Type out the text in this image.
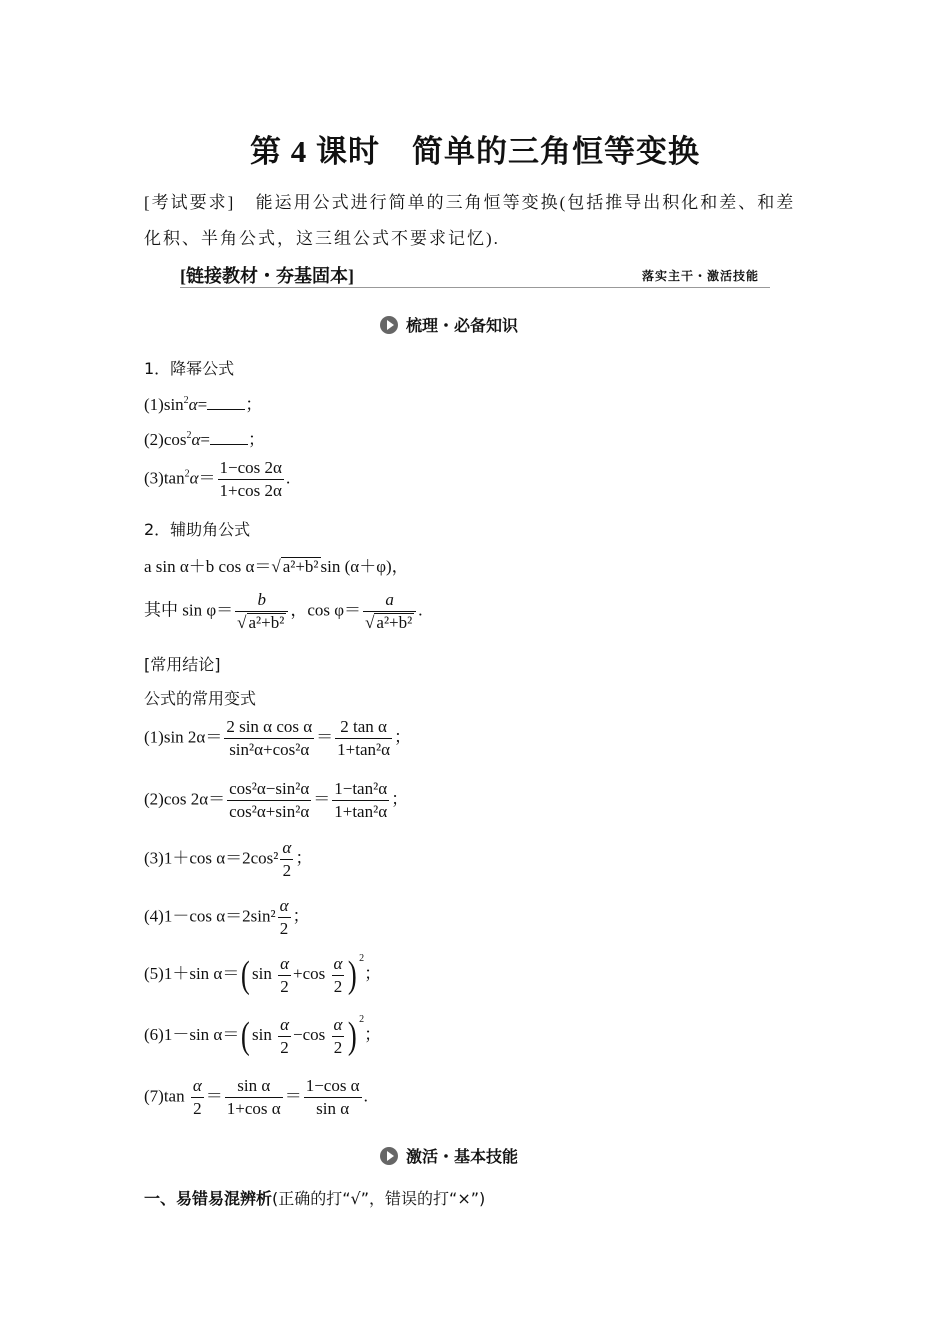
第 4 课时　简单的三角恒等变换
[考试要求] 能运用公式进行简单的三角恒等变换(包括推导出积化和差、和差
化积、半角公式，这三组公式不要求记忆).
[链接教材・夯基固本]	落实主干・激活技能
梳理・必备知识
1．降幂公式
$(1)\sin^2\alpha=$ ；
$(2)\cos^2\alpha=$ ；
$(3)\tan^2\alpha= \frac{1-\cos 2\alpha}{1+\cos 2\alpha}$ .
2．辅助角公式
a sin α＋b cos α＝√ a²+b² sin (α＋φ)，
其中 $\sin \varphi= \frac{b}{\text{√ a²+b²}}$ ，$\cos \varphi= \frac{a}{\text{√ a²+b²}}$ .
[常用结论]
公式的常用变式
(1)sin $2\alpha= \frac{\text{2 sin α cos α}}{\text{sin²α+cos²α}} = \frac{\text{2 tan α}}{\text{1+tan²α}}$ ；
(2)cos $2\alpha= \frac{\text{cos²α−sin²α}}{\text{cos²α+sin²α}} = \frac{\text{1−tan²α}}{\text{1+tan²α}}$ ；
(3)1＋cos $\alpha=2\cos^2 \frac{\alpha}{2}$ ；
(4)1－cos $\alpha=2\sin^2 \frac{\alpha}{2}$ ；
(5)1＋sin α＝( $\sin \frac{\alpha}{2} +\cos \frac{\alpha}{2}$ ) $^2$；
(6)1－sin α＝( $\sin \frac{\alpha}{2} -\cos \frac{\alpha}{2}$ ) $^2$；
$(7)\tan \frac{\alpha}{2} = \frac{\text{sin α}}{\text{1+cos α}} = \frac{\text{1−cos α}}{\text{sin α}}$ .
激活・基本技能
一、易错易混辨析(正确的打“√”，错误的打“×”)
